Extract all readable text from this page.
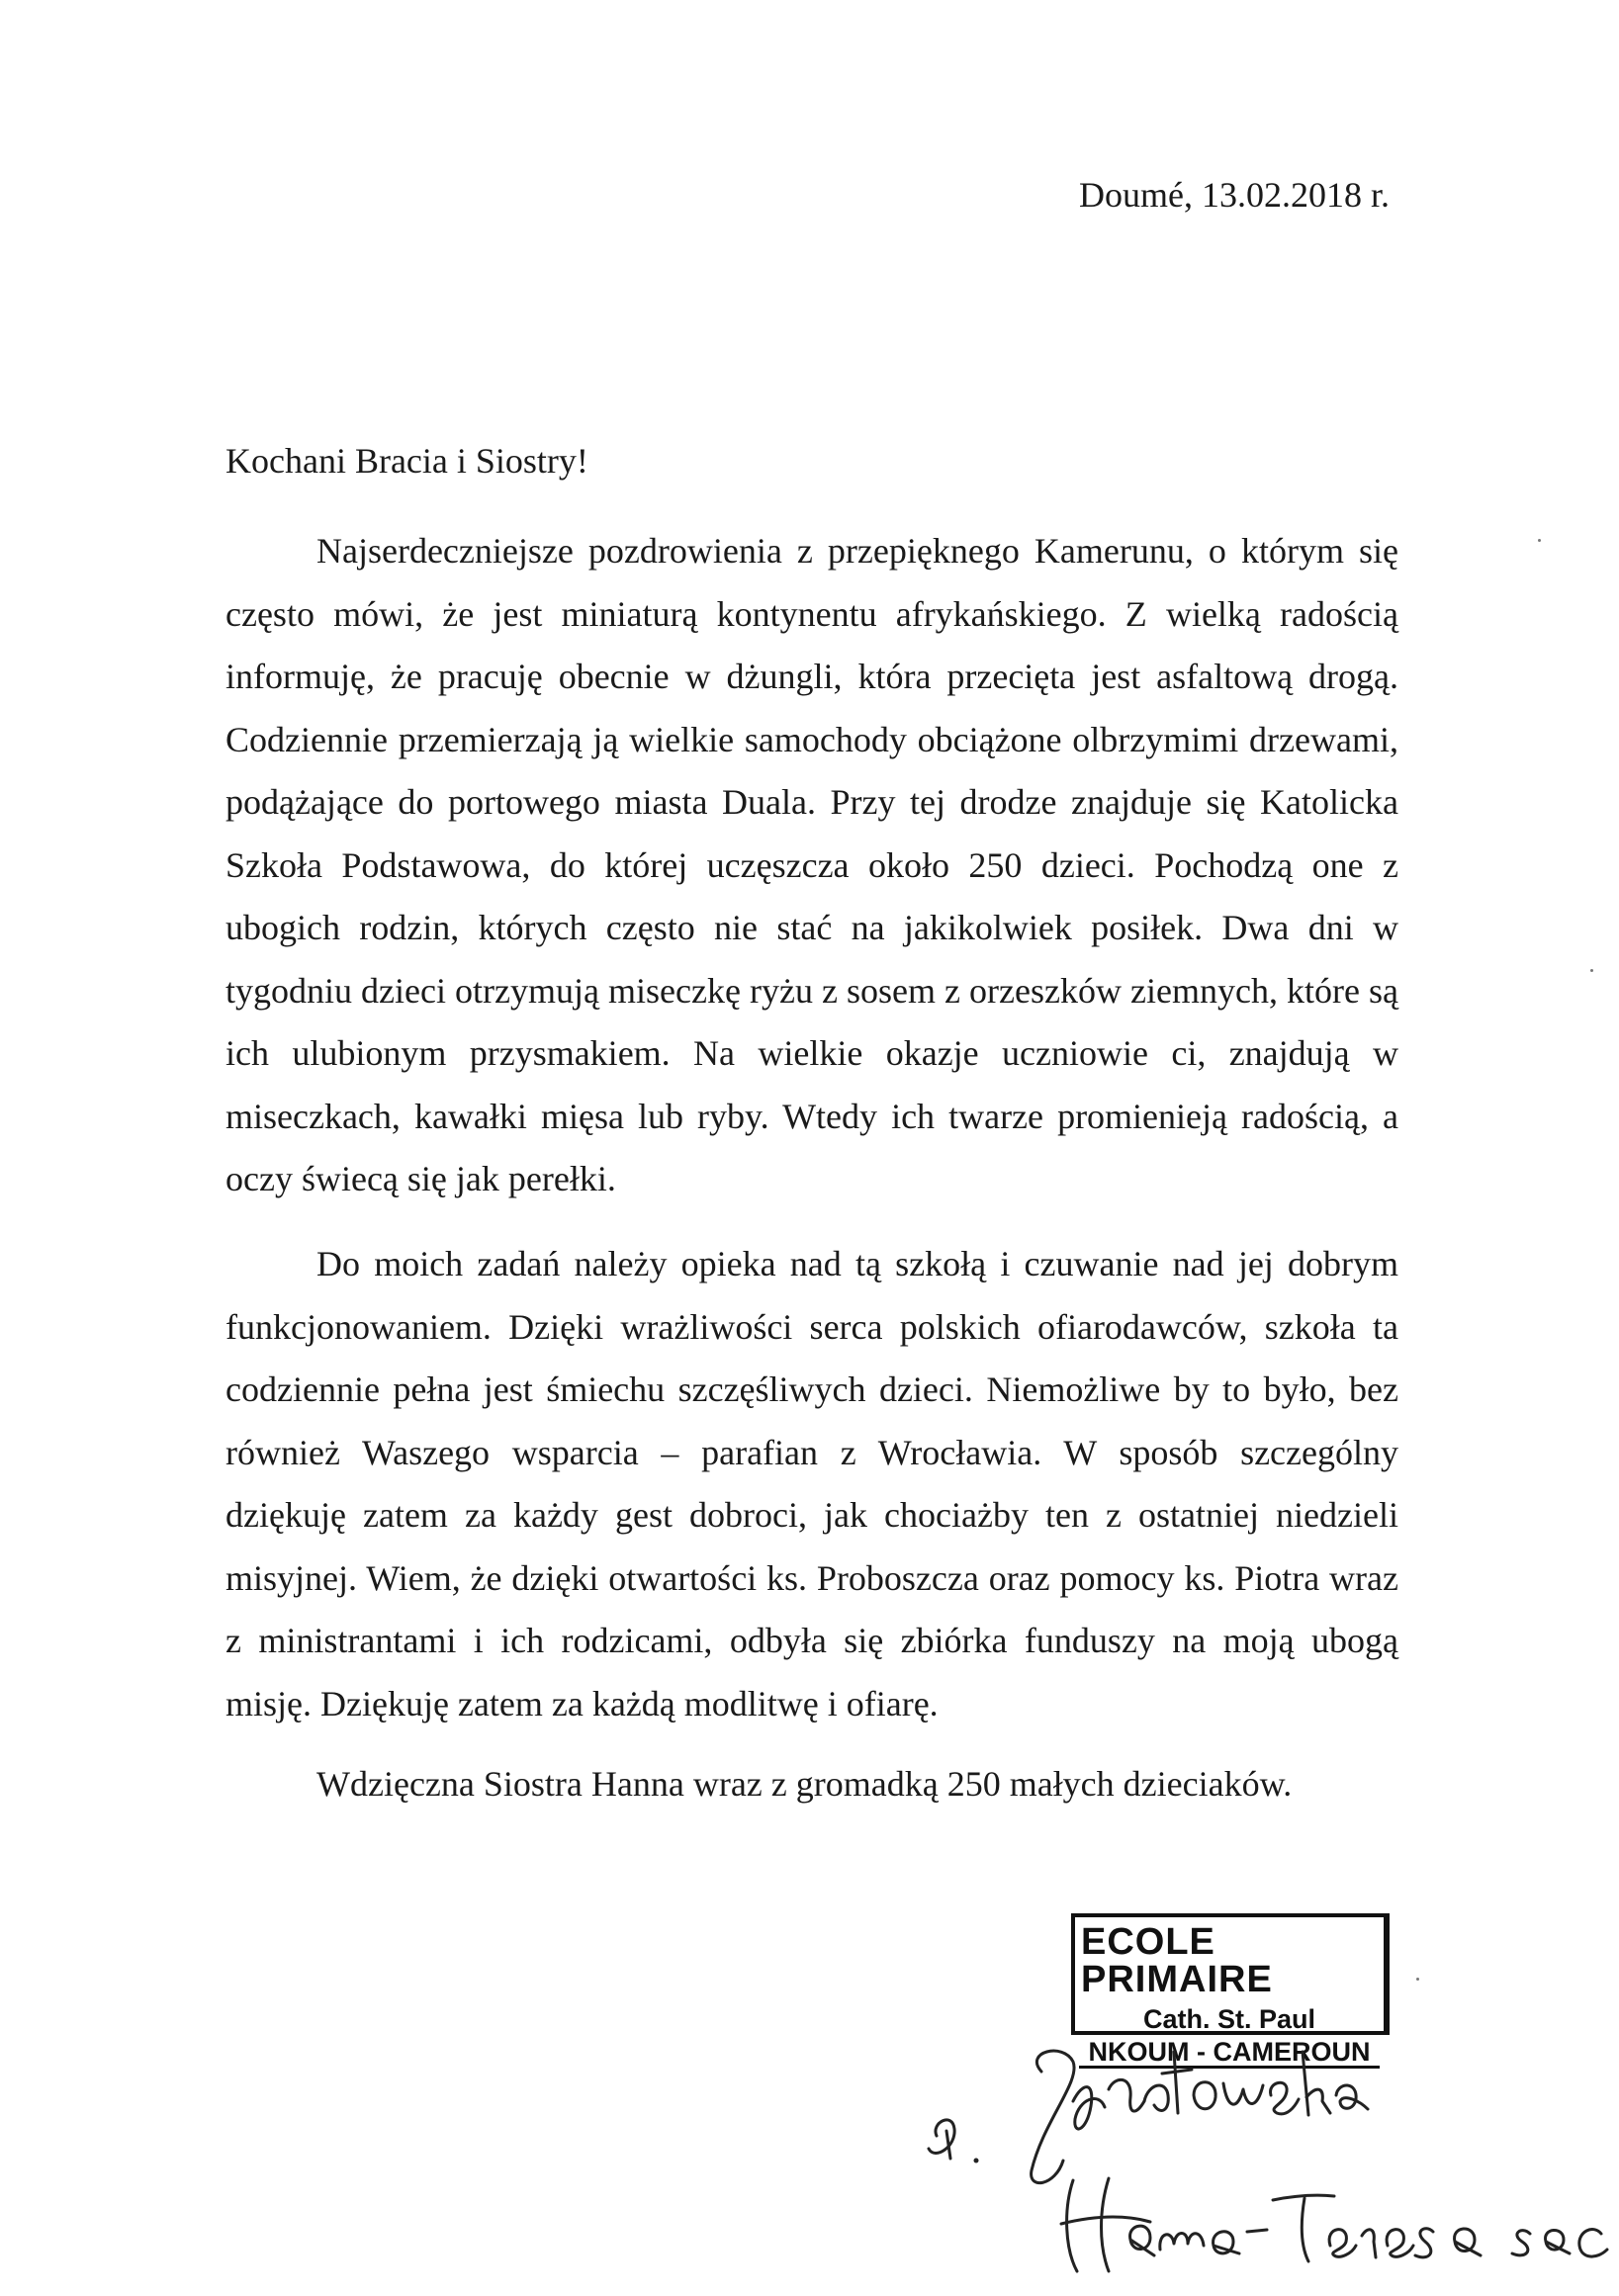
Doumé, 13.02.2018 r.
Kochani Bracia i Siostry!

Najserdeczniejsze pozdrowienia z przepięknego Kamerunu, o którym się często mówi, że jest miniaturą kontynentu afrykańskiego. Z wielką radością informuję, że pracuję obecnie w dżungli, która przecięta jest asfaltową drogą. Codziennie przemierzają ją wielkie samochody obciążone olbrzymimi drzewami, podążające do portowego miasta Duala. Przy tej drodze znajduje się Katolicka Szkoła Podstawowa, do której uczęszcza około 250 dzieci. Pochodzą one z ubogich rodzin, których często nie stać na jakikolwiek posiłek. Dwa dni w tygodniu dzieci otrzymują miseczkę ryżu z sosem z orzeszków ziemnych, które są ich ulubionym przysmakiem. Na wielkie okazje uczniowie ci, znajdują w miseczkach, kawałki mięsa lub ryby. Wtedy ich twarze promienieją radością, a oczy świecą się jak perełki.

Do moich zadań należy opieka nad tą szkołą i czuwanie nad jej dobrym funkcjonowaniem. Dzięki wrażliwości serca polskich ofiarodawców, szkoła ta codziennie pełna jest śmiechu szczęśliwych dzieci. Niemożliwe by to było, bez również Waszego wsparcia – parafian z Wrocławia. W sposób szczególny dziękuję zatem za każdy gest dobroci, jak chociażby ten z ostatniej niedzieli misyjnej. Wiem, że dzięki otwartości ks. Proboszcza oraz pomocy ks. Piotra wraz z ministrantami i ich rodzicami, odbyła się zbiórka funduszy na moją ubogą misję. Dziękuję zatem za każdą modlitwę i ofiarę.

Wdzięczna Siostra Hanna wraz z gromadką 250 małych dzieciaków.
ECOLE PRIMAIRE
Cath. St. Paul
NKOUM - CAMEROUN
